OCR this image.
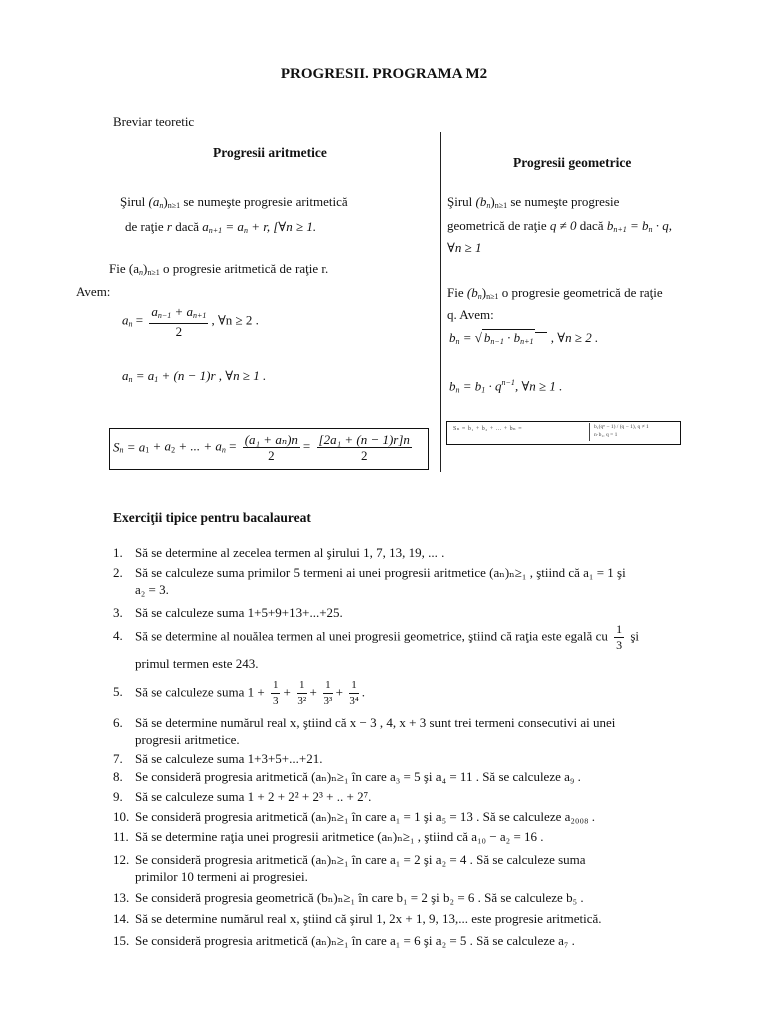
PROGRESII. PROGRAMA M2
Breviar teoretic
Progresii aritmetice
Şirul $(a_n)_{n\ge 1}$ se numeşte progresie aritmetică
de raţie r dacă $a_{n+1} = a_n + r$, [∀n ≥ 1.
Fie $(a_n)_{n\ge 1}$ o progresie aritmetică de raţie r.
Avem:
$a_n = \frac{a_{n-1} + a_{n+1}}{2}$ , ∀n ≥ 2 .
$a_n = a_1 + (n - 1)r$ , ∀n ≥ 1 .
$S_n = a_1 + a_2$ + ... + $a_n = \frac{\text{(a₁ + aₙ)n}}{2} = \frac{\text{[2a₁ + (n − 1)r]n}}{2}$
Progresii geometrice
Şirul $(b_n)_{n\ge 1}$ se numeşte progresie
geometrică de raţie q ≠ 0 dacă $b_{n+1} = b_n \cdot q$,
∀n ≥ 1
Fie $(b_n)_{n\ge 1}$ o progresie geometrică de raţie
q. Avem:
$b_n$ = √ $b_{n-1} \cdot b_{n+1}$ , ∀n ≥ 2 .
$b_n = b_1 \cdot q^{n-1}$, ∀n ≥ 1 .
Sₙ = b₁ + b₂ + ... + bₙ =	b₁(qⁿ − 1) / (q − 1), q ≠ 1
n·b₁, q = 1
Exerciţii tipice pentru bacalaureat
1. Să se determine al zecelea termen al şirului 1, 7, 13, 19, ... .
2. Să se calculeze suma primilor 5 termeni ai unei progresii aritmetice (aₙ)ₙ≥₁ , ştiind că a₁ = 1 şi
a₂ = 3.
3. Să se calculeze suma 1+5+9+13+...+25.
4. Să se determine al nouălea termen al unei progresii geometrice, ştiind că raţia este egală cu $\frac{1}{3}$ şi
primul termen este 243.
5. Să se calculeze suma $1 + \frac{1}{3} + \frac{1}{\text{3²}} + \frac{1}{\text{3³}} + \frac{1}{\text{3⁴}}$ .
6. Să se determine numărul real x, ştiind că x − 3 , 4, x + 3 sunt trei termeni consecutivi ai unei
progresii aritmetice.
7. Să se calculeze suma 1+3+5+...+21.
8. Se consideră progresia aritmetică (aₙ)ₙ≥₁ în care a₃ = 5 şi a₄ = 11 . Să se calculeze a₉ .
9. Să se calculeze suma 1 + 2 + 2² + 2³ + .. + 2⁷.
10. Se consideră progresia aritmetică (aₙ)ₙ≥₁ în care a₁ = 1 şi a₅ = 13 . Să se calculeze a₂₀₀₈ .
11. Să se determine raţia unei progresii aritmetice (aₙ)ₙ≥₁ , ştiind că a₁₀ − a₂ = 16 .
12. Se consideră progresia aritmetică (aₙ)ₙ≥₁ în care a₁ = 2 şi a₂ = 4 . Să se calculeze suma
primilor 10 termeni ai progresiei.
13. Se consideră progresia geometrică (bₙ)ₙ≥₁ în care b₁ = 2 şi b₂ = 6 . Să se calculeze b₅ .
14. Să se determine numărul real x, ştiind că şirul 1, 2x + 1, 9, 13,... este progresie aritmetică.
15. Se consideră progresia aritmetică (aₙ)ₙ≥₁ în care a₁ = 6 şi a₂ = 5 . Să se calculeze a₇ .
